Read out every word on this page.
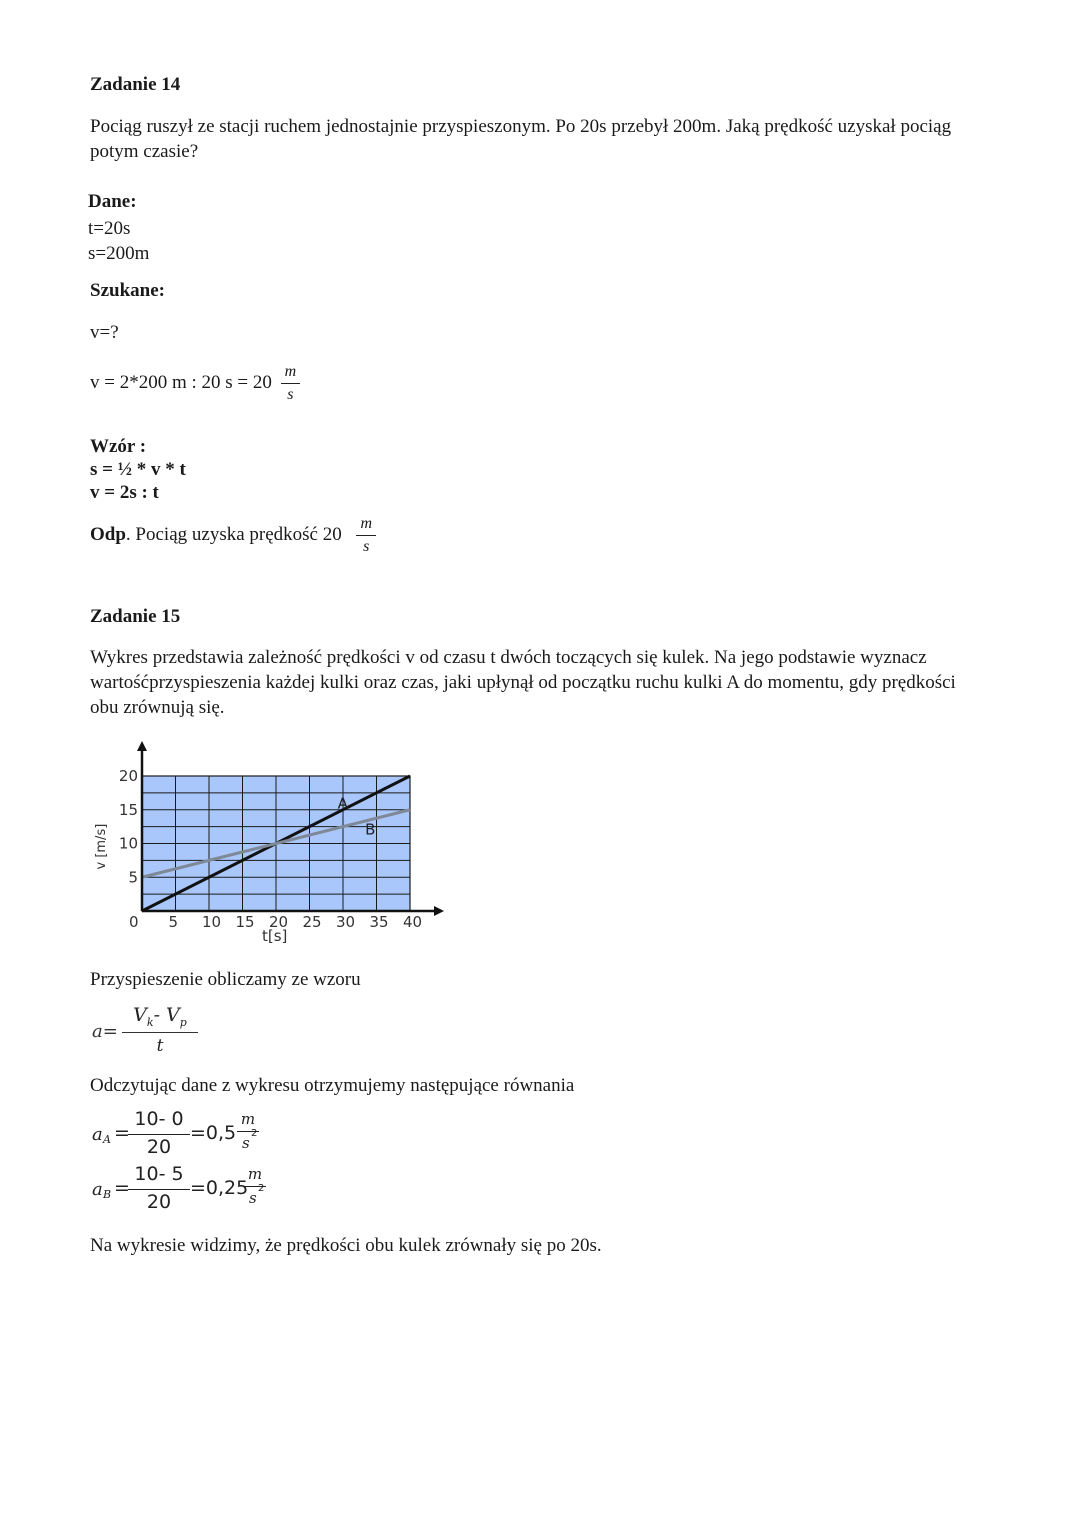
Zadanie 14
Pociąg ruszył ze stacji ruchem jednostajnie przyspieszonym. Po 20s przebył 200m. Jaką prędkość uzyskał pociąg
potym czasie?
Dane:
t=20s
s=200m
Szukane:
v=?
v = 2*200 m : 20 $s = 20 \frac{m}{s}$
Wzór :
s = ½ * v * t
v = 2s : t
Odp. Pociąg uzyska prędkość $20 \frac{m}{s}$
Zadanie 15
Wykres przedstawia zależność prędkości v od czasu t dwóch toczących się kulek. Na jego podstawie wyznacz
wartośćprzyspieszenia każdej kulki oraz czas, jaki upłynął od początku ruchu kulki A do momentu, gdy prędkości
obu zrównują się.
A
B
0 5 10 15 20 25 30 35 40
5
10
15
20
t[s]
v [m/s]
Przyspieszenie obliczamy ze wzoru
a=
$V_k-$ $V_p$
t
Odczytując dane z wykresu otrzymujemy następujące równania
a A =
10- 0
20
=0,5
m
s
2
a B =
10- 5
20
=0,25
m
s
2
Na wykresie widzimy, że prędkości obu kulek zrównały się po 20s.
